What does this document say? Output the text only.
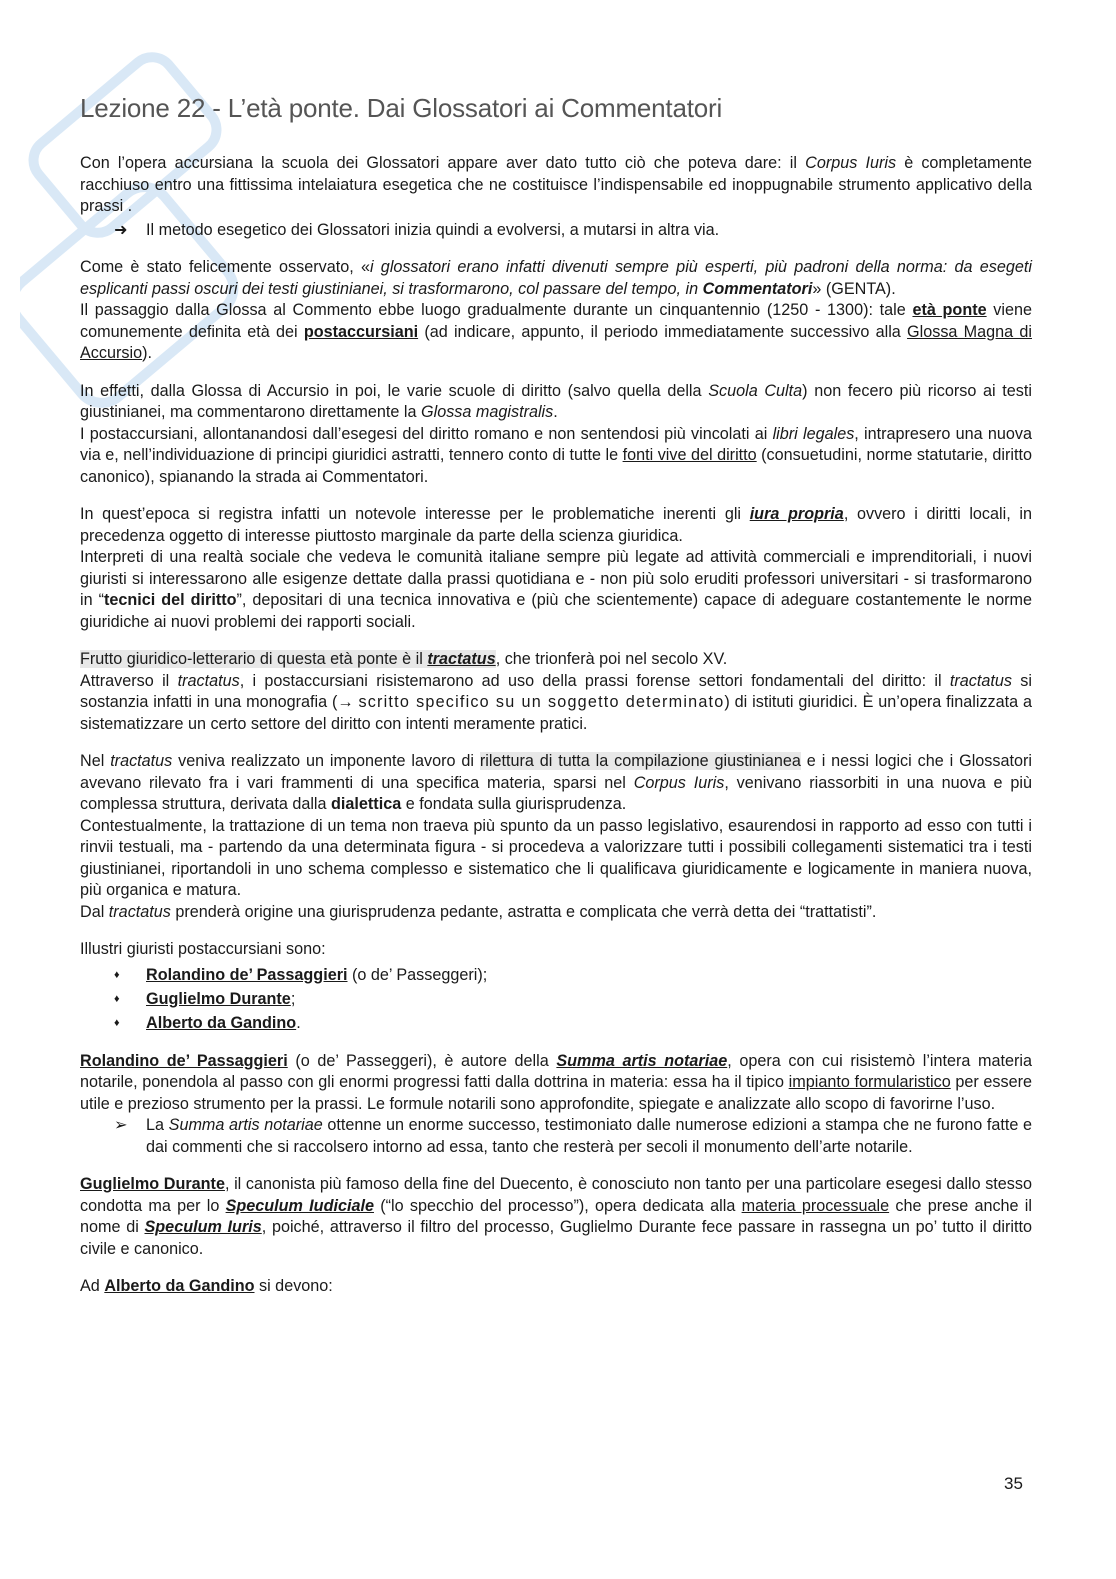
Lezione 22 - L’età ponte. Dai Glossatori ai Commentatori

Con l’opera accursiana la scuola dei Glossatori appare aver dato tutto ciò che poteva dare: il Corpus Iuris è completamente racchiuso entro una fittissima intelaiatura esegetica che ne costituisce l’indispensabile ed inoppugnabile strumento applicativo della prassi .

➜	Il metodo esegetico dei Glossatori inizia quindi a evolversi, a mutarsi in altra via.

Come è stato felicemente osservato, «i glossatori erano infatti divenuti sempre più esperti, più padroni della norma: da esegeti esplicanti passi oscuri dei testi giustinianei, si trasformarono, col passare del tempo, in Commentatori» (GENTA).

Il passaggio dalla Glossa al Commento ebbe luogo gradualmente durante un cinquantennio (1250 - 1300): tale età ponte viene comunemente definita età dei postaccursiani (ad indicare, appunto, il periodo immediatamente successivo alla Glossa Magna di Accursio).

In effetti, dalla Glossa di Accursio in poi, le varie scuole di diritto (salvo quella della Scuola Culta) non fecero più ricorso ai testi giustinianei, ma commentarono direttamente la Glossa magistralis.

I postaccursiani, allontanandosi dall’esegesi del diritto romano e non sentendosi più vincolati ai libri legales, intrapresero una nuova via e, nell’individuazione di principi giuridici astratti, tennero conto di tutte le fonti vive del diritto (consuetudini, norme statutarie, diritto canonico), spianando la strada ai Commentatori.

In quest’epoca si registra infatti un notevole interesse per le problematiche inerenti gli iura propria, ovvero i diritti locali, in precedenza oggetto di interesse piuttosto marginale da parte della scienza giuridica.

Interpreti di una realtà sociale che vedeva le comunità italiane sempre più legate ad attività commerciali e imprenditoriali, i nuovi giuristi si interessarono alle esigenze dettate dalla prassi quotidiana e - non più solo eruditi professori universitari - si trasformarono in “tecnici del diritto”, depositari di una tecnica innovativa e (più che scientemente) capace di adeguare costantemente le norme giuridiche ai nuovi problemi dei rapporti sociali.

Frutto giuridico-letterario di questa età ponte è il tractatus, che trionferà poi nel secolo XV.

Attraverso il tractatus, i postaccursiani risistemarono ad uso della prassi forense settori fondamentali del diritto: il tractatus si sostanzia infatti in una monografia (→ scritto specifico su un soggetto determinato) di istituti giuridici. È un’opera finalizzata a sistematizzare un certo settore del diritto con intenti meramente pratici.

Nel tractatus veniva realizzato un imponente lavoro di rilettura di tutta la compilazione giustinianea e i nessi logici che i Glossatori avevano rilevato fra i vari frammenti di una specifica materia, sparsi nel Corpus Iuris, venivano riassorbiti in una nuova e più complessa struttura, derivata dalla dialettica e fondata sulla giurisprudenza.

Contestualmente, la trattazione di un tema non traeva più spunto da un passo legislativo, esaurendosi in rapporto ad esso con tutti i rinvii testuali, ma - partendo da una determinata figura - si procedeva a valorizzare tutti i possibili collegamenti sistematici tra i testi giustinianei, riportandoli in uno schema complesso e sistematico che li qualificava giuridicamente e logicamente in maniera nuova, più organica e matura.

Dal tractatus prenderà origine una giurisprudenza pedante, astratta e complicata che verrà detta dei “trattatisti”.

Illustri giuristi postaccursiani sono:

♦	Rolandino de’ Passaggieri (o de’ Passeggeri);
♦	Guglielmo Durante;
♦	Alberto da Gandino.

Rolandino de’ Passaggieri (o de’ Passeggeri), è autore della Summa artis notariae, opera con cui risistemò l’intera materia notarile, ponendola al passo con gli enormi progressi fatti dalla dottrina in materia: essa ha il tipico impianto formularistico per essere utile e prezioso strumento per la prassi. Le formule notarili sono approfondite, spiegate e analizzate allo scopo di favorirne l’uso.

➢	La Summa artis notariae ottenne un enorme successo, testimoniato dalle numerose edizioni a stampa che ne furono fatte e dai commenti che si raccolsero intorno ad essa, tanto che resterà per secoli il monumento dell’arte notarile.

Guglielmo Durante, il canonista più famoso della fine del Duecento, è conosciuto non tanto per una particolare esegesi dallo stesso condotta ma per lo Speculum Iudiciale (“lo specchio del processo”), opera dedicata alla materia processuale che prese anche il nome di Speculum Iuris, poiché, attraverso il filtro del processo, Guglielmo Durante fece passare in rassegna un po’ tutto il diritto civile e canonico.

Ad Alberto da Gandino si devono:

35
